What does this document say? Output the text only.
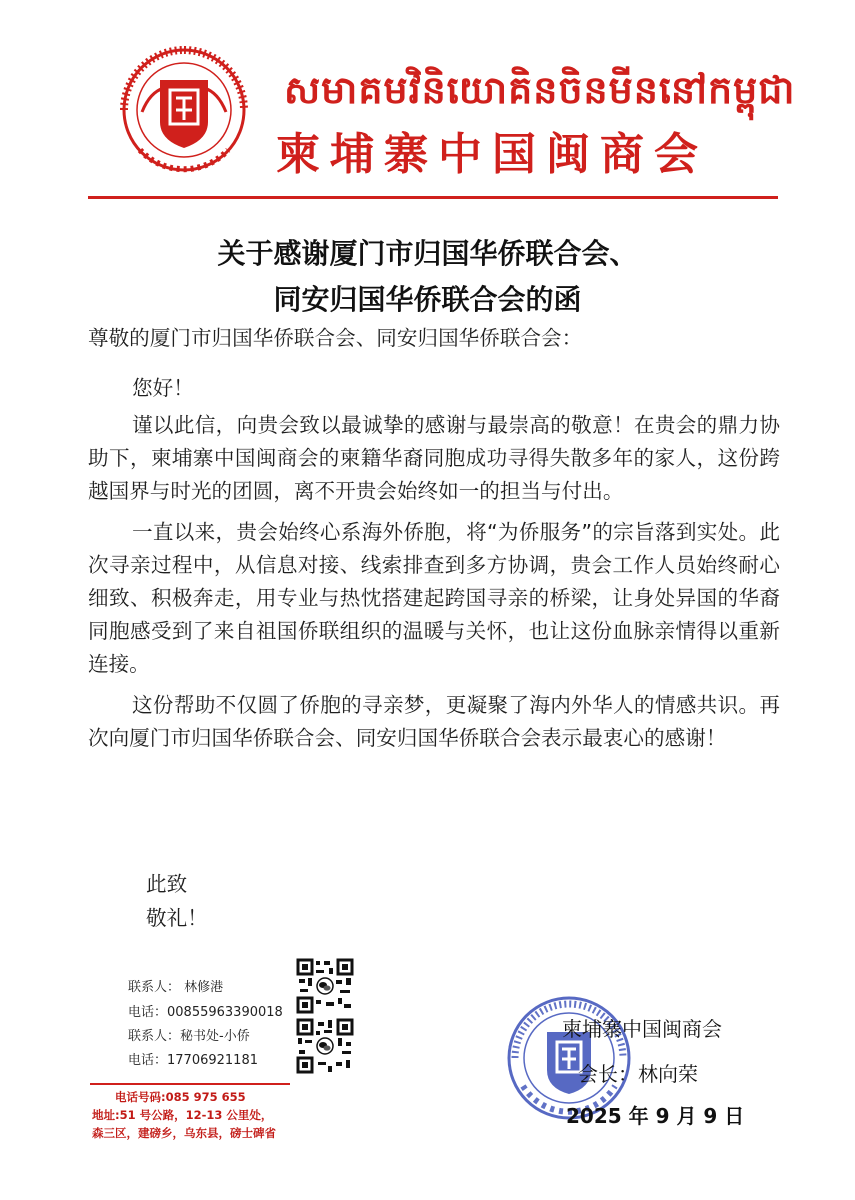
សមាគមវិនិយោគិនចិនមីននៅកម្ពុជា
柬埔寨中国闽商会
关于感谢厦门市归国华侨联合会、
同安归国华侨联合会的函
尊敬的厦门市归国华侨联合会、同安归国华侨联合会：
您好！

谨以此信，向贵会致以最诚挚的感谢与最崇高的敬意！在贵会的鼎力协助下，柬埔寨中国闽商会的柬籍华裔同胞成功寻得失散多年的家人，这份跨越国界与时光的团圆，离不开贵会始终如一的担当与付出。

一直以来，贵会始终心系海外侨胞，将“为侨服务”的宗旨落到实处。此次寻亲过程中，从信息对接、线索排查到多方协调，贵会工作人员始终耐心细致、积极奔走，用专业与热忱搭建起跨国寻亲的桥梁，让身处异国的华裔同胞感受到了来自祖国侨联组织的温暖与关怀，也让这份血脉亲情得以重新连接。

这份帮助不仅圆了侨胞的寻亲梦，更凝聚了海内外华人的情感共识。再次向厦门市归国华侨联合会、同安归国华侨联合会表示最衷心的感谢！

此致
敬礼！
联系人： 林修港
电话：00855963390018
联系人：秘书处-小侨
电话：17706921181
电话号码:085 975 655
地址:51 号公路，12-13 公里处，
森三区，建磅乡，乌东县，磅士碑省
柬埔寨中国闽商会
会长：林向荣
2025 年 9 月 9 日
